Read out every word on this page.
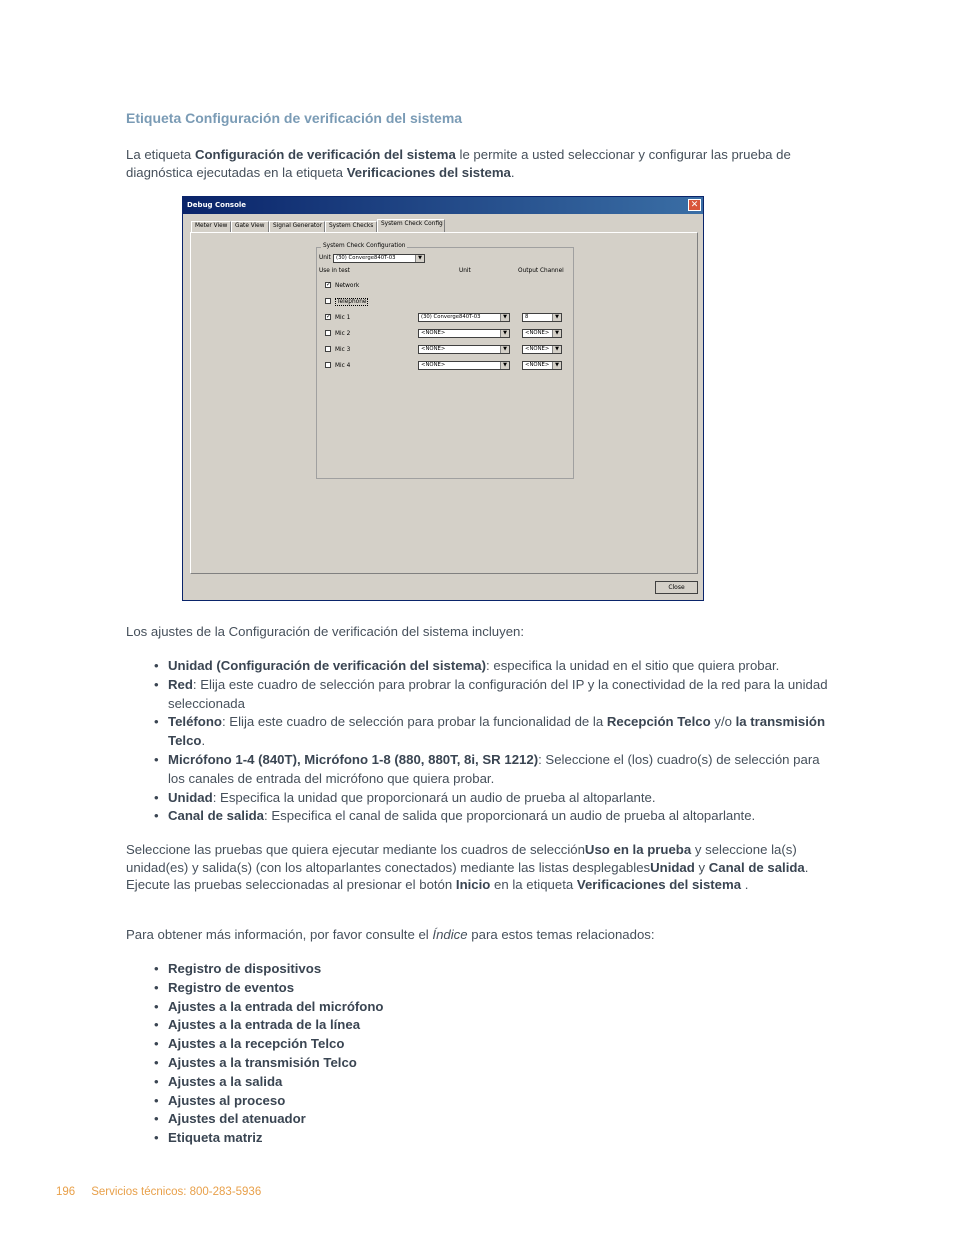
Etiqueta Configuración de verificación del sistema
La etiqueta Configuración de verificación del sistema le permite a usted seleccionar y configurar las prueba de diagnóstica ejecutadas en la etiqueta Verificaciones del sistema.
Debug Console	✕
Meter View	Gate View	Signal Generator	System Checks	System Check Config
System Check Configuration
Unit (30) Converge840T-03	▼
Use in test	Unit	Output Channel
✓ Network
Telephone
✓ Mic 1	(30) Converge840T-03	▼	8	▼
Mic 2	<NONE>	▼	<NONE>	▼
Mic 3	<NONE>	▼	<NONE>	▼
Mic 4	<NONE>	▼	<NONE>	▼
Close
Los ajustes de la Configuración de verificación del sistema incluyen:
• Unidad (Configuración de verificación del sistema): especifica la unidad en el sitio que quiera probar.
• Red: Elija este cuadro de selección para probrar la configuración del IP y la conectividad de la red para la unidad seleccionada
• Teléfono: Elija este cuadro de selección para probar la funcionalidad de la Recepción Telco y/o la transmisión Telco.
• Micrófono 1-4 (840T), Micrófono 1-8 (880, 880T, 8i, SR 1212): Seleccione el (los) cuadro(s) de selección para los canales de entrada del micrófono que quiera probar.
• Unidad: Especifica la unidad que proporcionará un audio de prueba al altoparlante.
• Canal de salida: Especifica el canal de salida que proporcionará un audio de prueba al altoparlante.
Seleccione las pruebas que quiera ejecutar mediante los cuadros de selecciónUso en la prueba y seleccione la(s) unidad(es) y salida(s) (con los altoparlantes conectados) mediante las listas desplegablesUnidad y Canal de salida. Ejecute las pruebas seleccionadas al presionar el botón Inicio en la etiqueta Verificaciones del sistema .
Para obtener más información, por favor consulte el Índice para estos temas relacionados:
• Registro de dispositivos
• Registro de eventos
• Ajustes a la entrada del micrófono
• Ajustes a la entrada de la línea
• Ajustes a la recepción Telco
• Ajustes a la transmisión Telco
• Ajustes a la salida
• Ajustes al proceso
• Ajustes del atenuador
• Etiqueta matriz
196 Servicios técnicos: 800-283-5936
